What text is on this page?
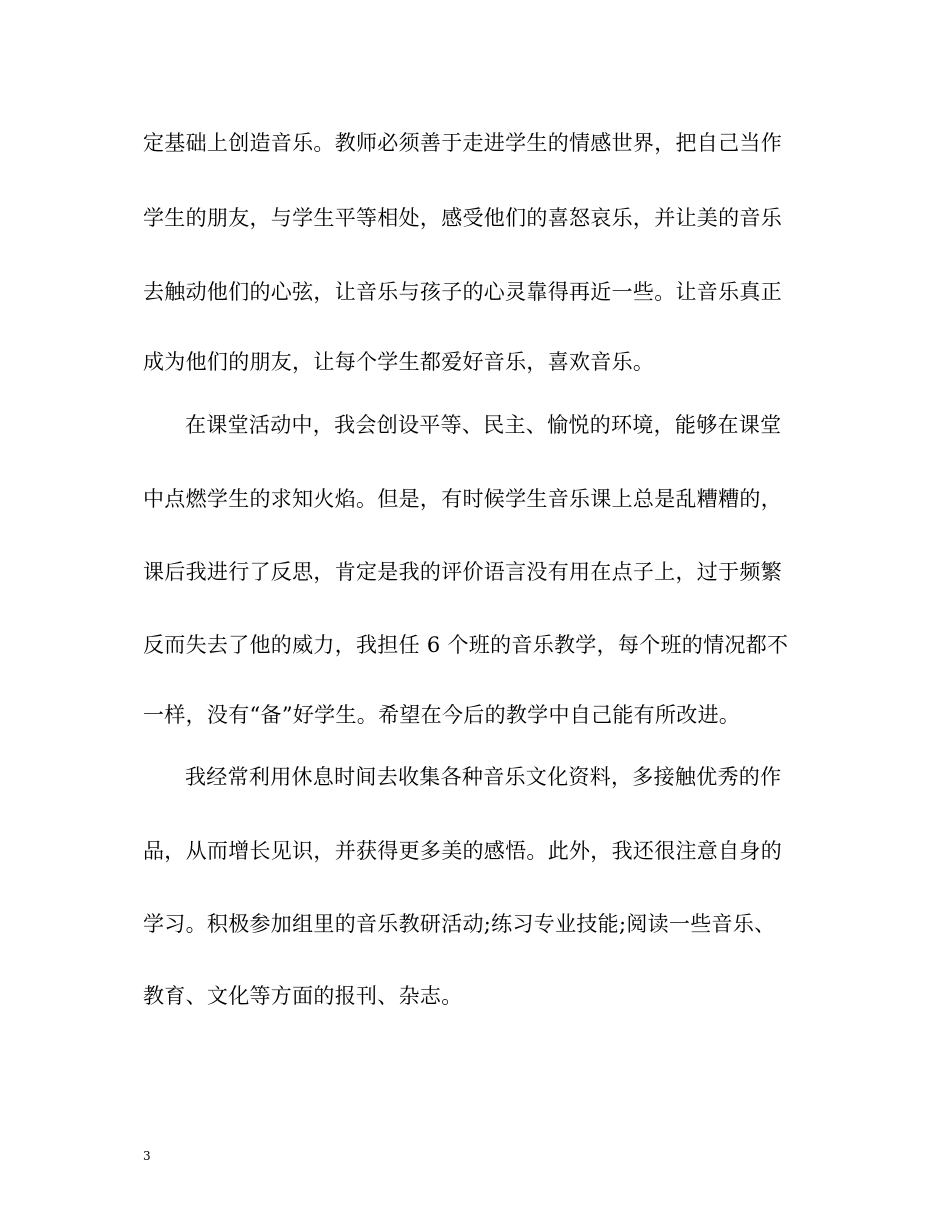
定基础上创造音乐。教师必须善于走进学生的情感世界，把自己当作
学生的朋友，与学生平等相处，感受他们的喜怒哀乐，并让美的音乐
去触动他们的心弦，让音乐与孩子的心灵靠得再近一些。让音乐真正
成为他们的朋友，让每个学生都爱好音乐，喜欢音乐。
在课堂活动中，我会创设平等、民主、愉悦的环境，能够在课堂
中点燃学生的求知火焰。但是，有时候学生音乐课上总是乱糟糟的，
课后我进行了反思，肯定是我的评价语言没有用在点子上，过于频繁
反而失去了他的威力，我担任 6 个班的音乐教学，每个班的情况都不
一样，没有“备”好学生。希望在今后的教学中自己能有所改进。
我经常利用休息时间去收集各种音乐文化资料，多接触优秀的作
品，从而增长见识，并获得更多美的感悟。此外，我还很注意自身的
学习。积极参加组里的音乐教研活动;练习专业技能;阅读一些音乐、
教育、文化等方面的报刊、杂志。
3
